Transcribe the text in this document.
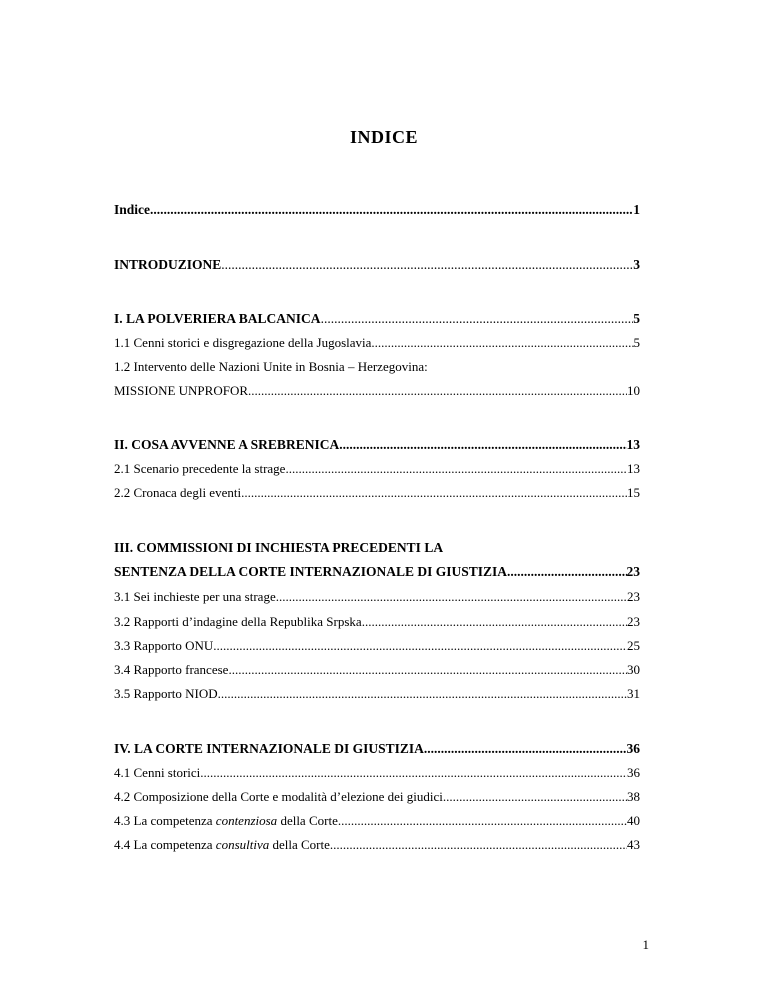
INDICE
Indice .....	1
INTRODUZIONE .....	3
I. LA POLVERIERA BALCANICA .....	5
1.1 Cenni storici e disgregazione della Jugoslavia .....	5
1.2 Intervento delle Nazioni Unite in Bosnia – Herzegovina:
MISSIONE UNPROFOR .....	10
II. COSA AVVENNE A SREBRENICA .....	13
2.1 Scenario precedente la strage .....	13
2.2 Cronaca degli eventi .....	15
III. COMMISSIONI DI INCHIESTA PRECEDENTI LA
SENTENZA DELLA CORTE INTERNAZIONALE DI GIUSTIZIA .....	23
3.1 Sei inchieste per una strage .....	23
3.2 Rapporti d’indagine della Republika Srpska .....	23
3.3 Rapporto ONU .....	25
3.4 Rapporto francese .....	30
3.5 Rapporto NIOD .....	31
IV. LA CORTE INTERNAZIONALE DI GIUSTIZIA .....	36
4.1 Cenni storici .....	36
4.2 Composizione della Corte e modalità d’elezione dei giudici .....	38
4.3 La competenza contenziosa della Corte .....	40
4.4 La competenza consultiva della Corte .....	43
1
